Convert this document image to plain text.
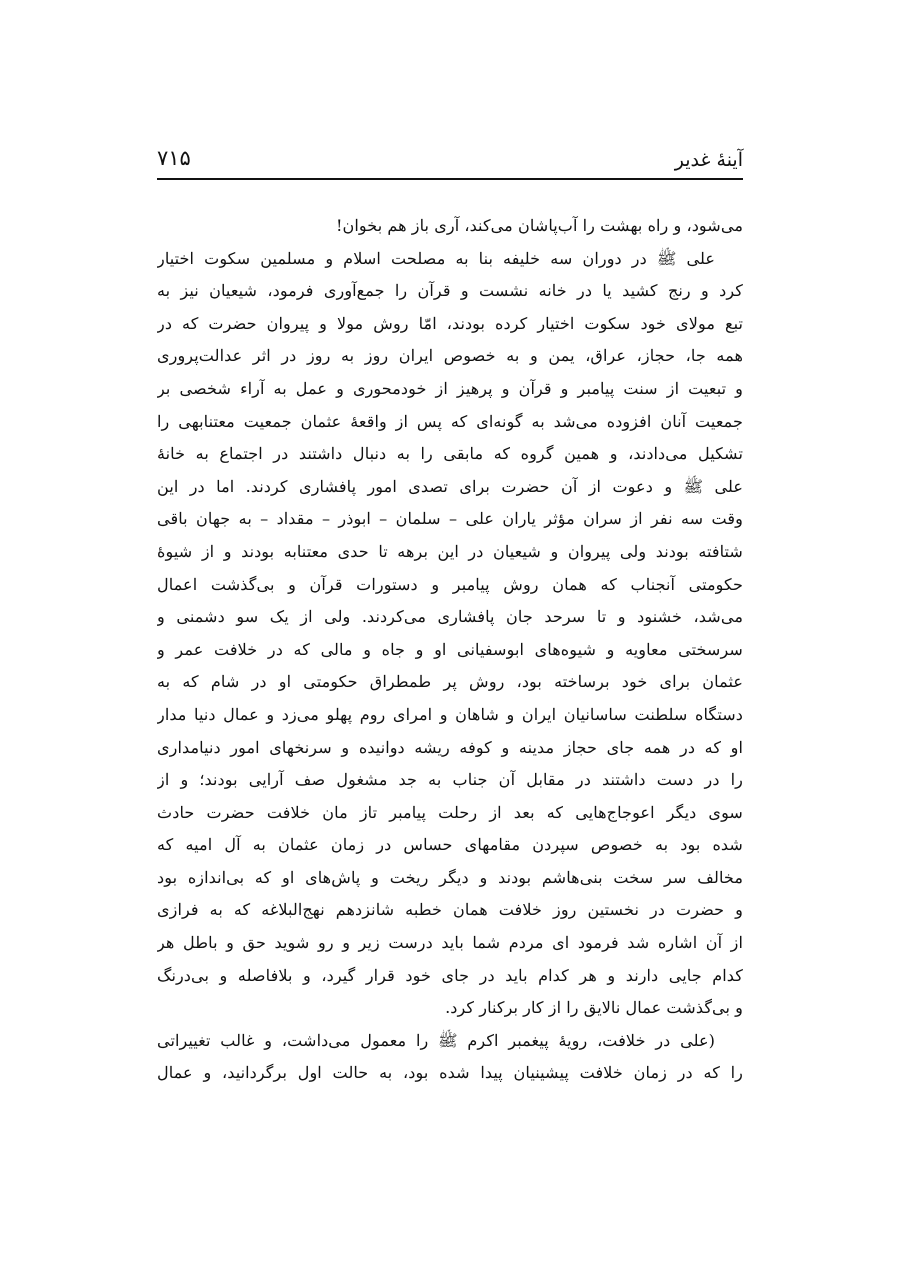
آینهٔ غدیر
۷۱۵
می‌شود، و راه بهشت را آب‌پاشان می‌کند، آری باز هم بخوان!
علی ﷺ در دوران سه خلیفه بنا به مصلحت اسلام و مسلمین سکوت اختیار
کرد و رنج کشید یا در خانه نشست و قرآن را جمع‌آوری فرمود، شیعیان نیز به
تبع مولای خود سکوت اختیار کرده بودند، امّا روش مولا و پیروان حضرت که در
همه جا، حجاز، عراق، یمن و به خصوص ایران روز به روز در اثر عدالت‌پروری
و تبعیت از سنت پیامبر و قرآن و پرهیز از خودمحوری و عمل به آراء شخصی بر
جمعیت آنان افزوده می‌شد به گونه‌ای که پس از واقعهٔ عثمان جمعیت معتنابهی را
تشکیل می‌دادند، و همین گروه که مابقی را به دنبال داشتند در اجتماع به خانهٔ
علی ﷺ و دعوت از آن حضرت برای تصدی امور پافشاری کردند. اما در این
وقت سه نفر از سران مؤثر یاران علی – سلمان – ابوذر – مقداد – به جهان باقی
شتافته بودند ولی پیروان و شیعیان در این برهه تا حدی معتنابه بودند و از شیوهٔ
حکومتی آنجناب که همان روش پیامبر و دستورات قرآن و بی‌گذشت اعمال
می‌شد، خشنود و تا سرحد جان پافشاری می‌کردند. ولی از یک سو دشمنی و
سرسختی معاویه و شیوه‌های ابوسفیانی او و جاه و مالی که در خلافت عمر و
عثمان برای خود برساخته بود، روش پر طمطراق حکومتی او در شام که به
دستگاه سلطنت ساسانیان ایران و شاهان و امرای روم پهلو می‌زد و عمال دنیا مدار
او که در همه جای حجاز مدینه و کوفه ریشه دوانیده و سرنخهای امور دنیامداری
را در دست داشتند در مقابل آن جناب به جد مشغول صف آرایی بودند؛ و از
سوی دیگر اعوجاج‌هایی که بعد از رحلت پیامبر تاز مان خلافت حضرت حادث
شده بود به خصوص سپردن مقامهای حساس در زمان عثمان به آل امیه که
مخالف سر سخت بنی‌هاشم بودند و دیگر ریخت و پاش‌های او که بی‌اندازه بود
و حضرت در نخستین روز خلافت همان خطبه شانزدهم نهج‌البلاغه که به فرازی
از آن اشاره شد فرمود ای مردم شما باید درست زیر و رو شوید حق و باطل هر
کدام جایی دارند و هر کدام باید در جای خود قرار گیرد، و بلافاصله و بی‌درنگ
و بی‌گذشت عمال نالایق را از کار برکنار کرد.
(علی در خلافت، رویهٔ پیغمبر اکرم ﷺ را معمول می‌داشت، و غالب تغییراتی
را که در زمان خلافت پیشینیان پیدا شده بود، به حالت اول برگردانید، و عمال
